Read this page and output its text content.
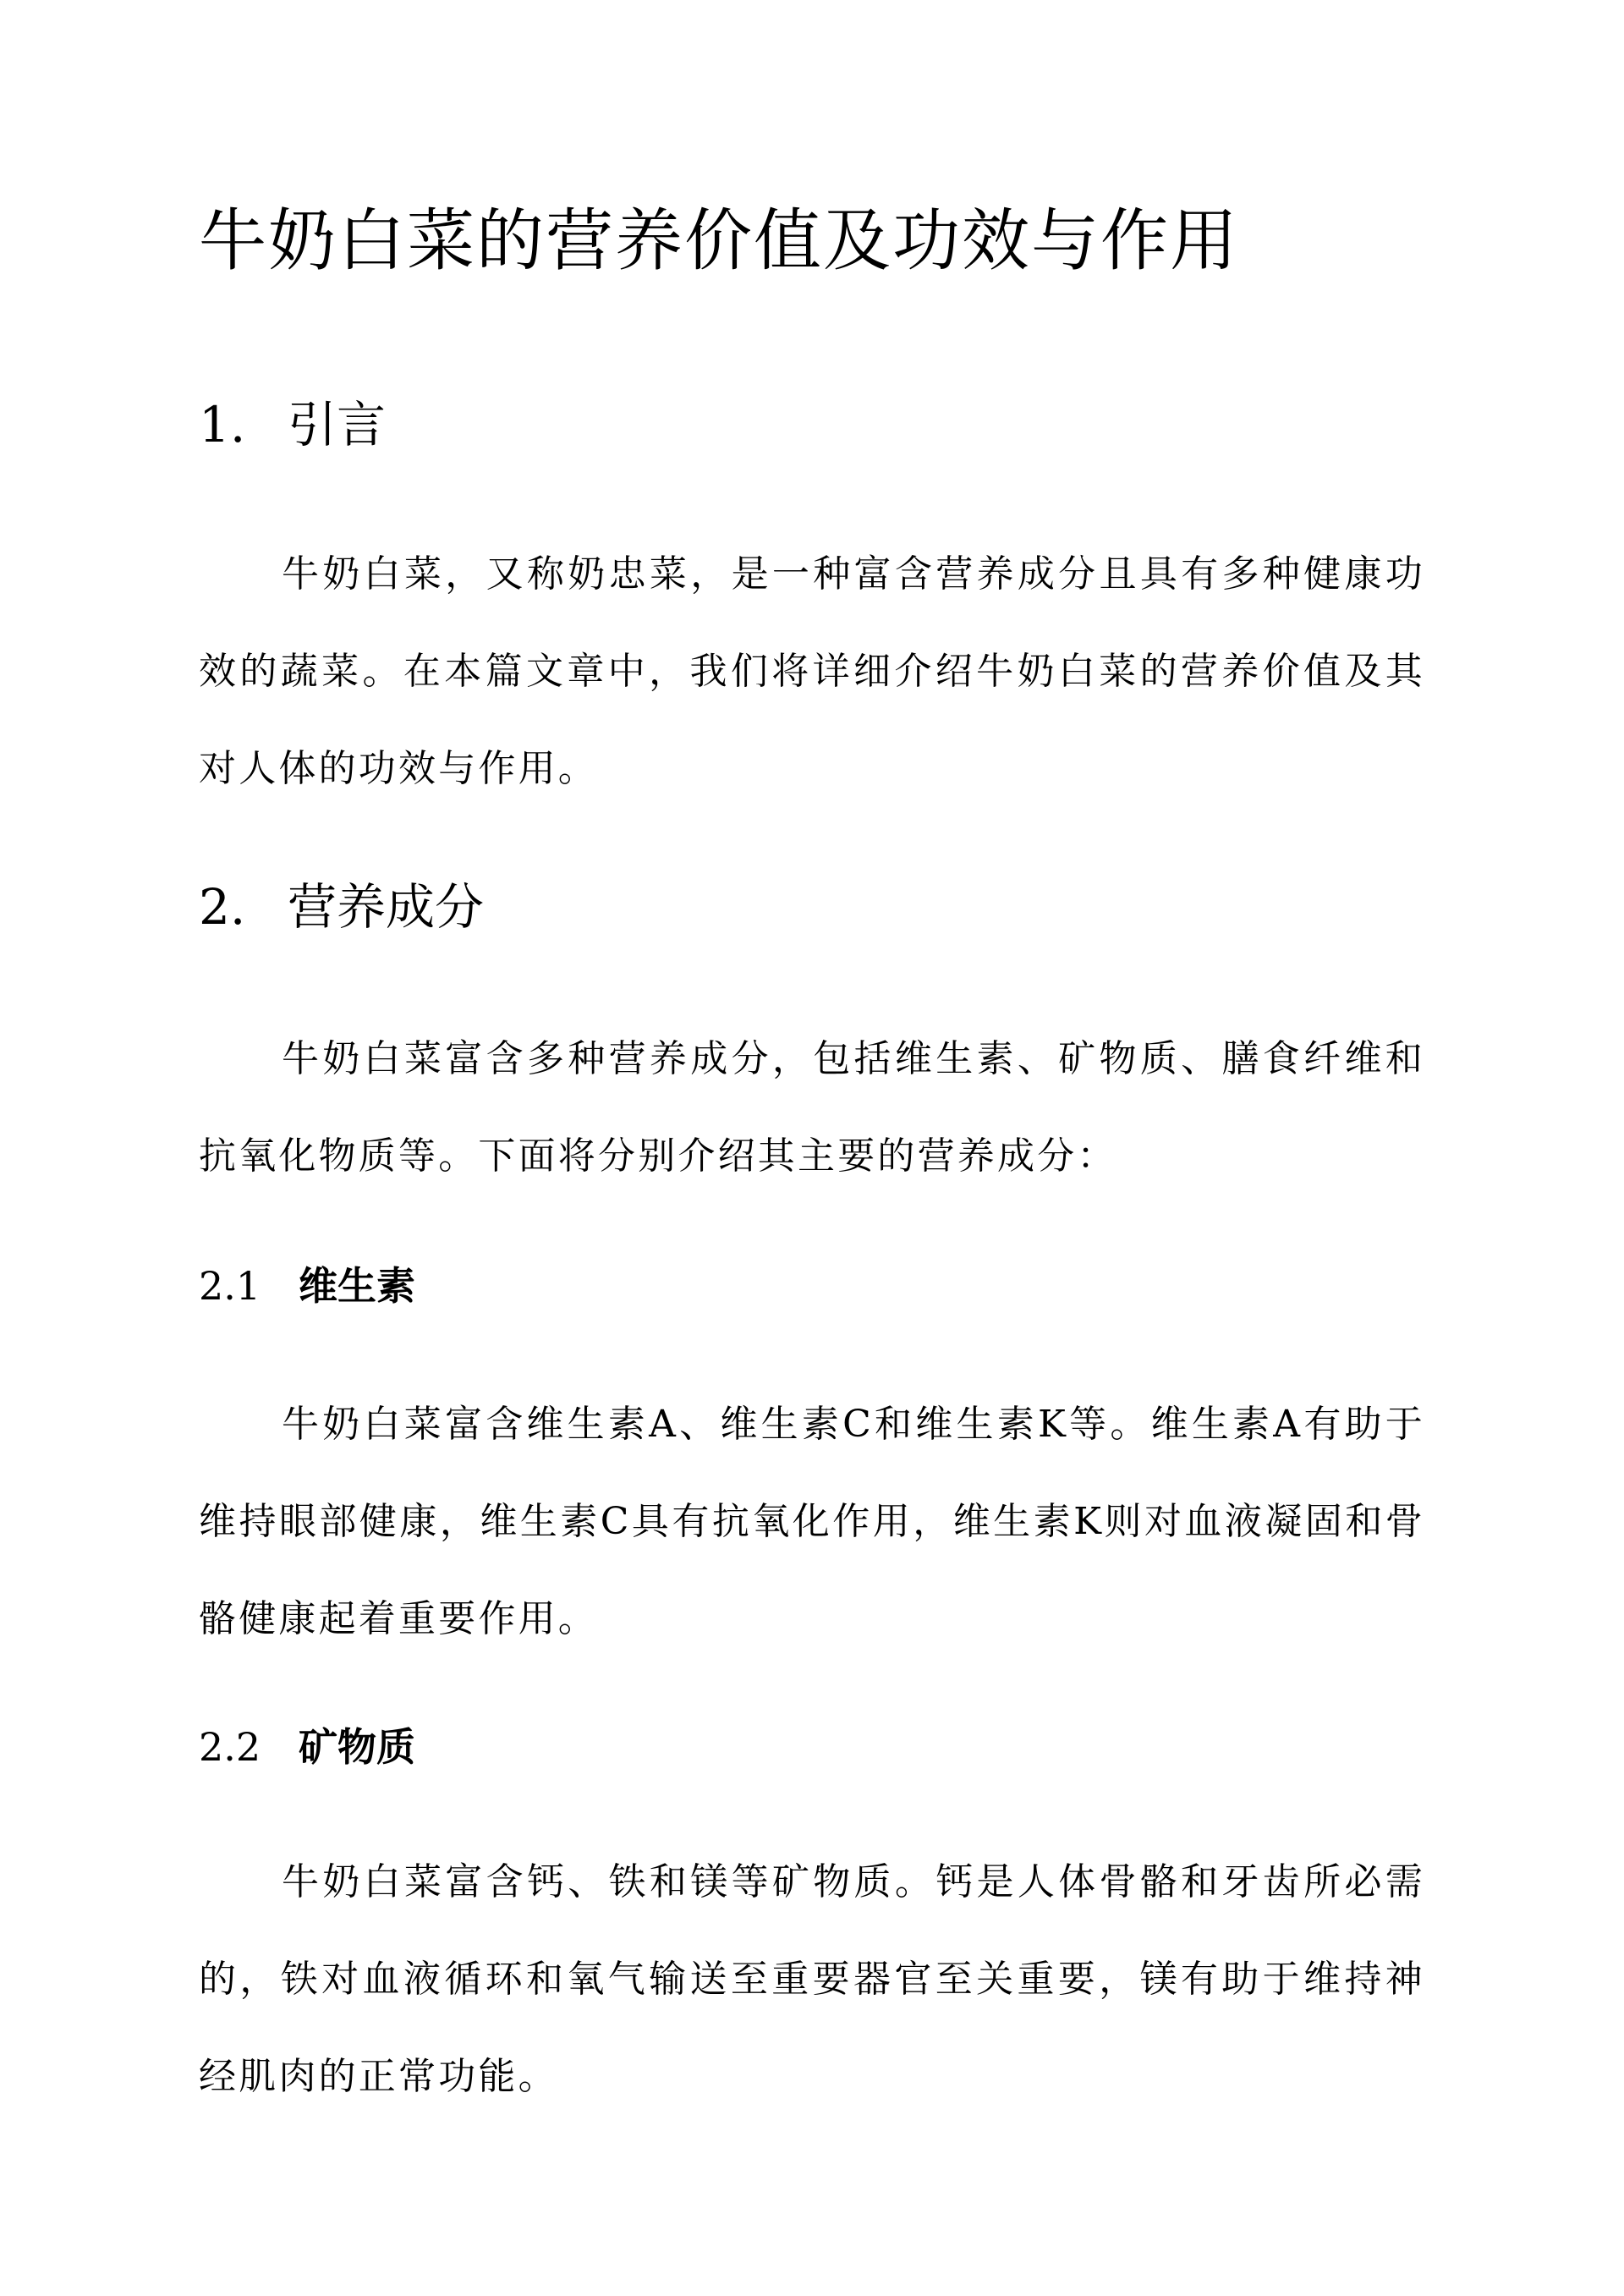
牛奶白菜的营养价值及功效与作用
1. 引言

牛奶白菜，又称奶忠菜，是一种富含营养成分且具有多种健康功效的蔬菜。在本篇文章中，我们将详细介绍牛奶白菜的营养价值及其对人体的功效与作用。

2. 营养成分

牛奶白菜富含多种营养成分，包括维生素、矿物质、膳食纤维和抗氧化物质等。下面将分别介绍其主要的营养成分：

2.1 维生素

牛奶白菜富含维生素A、维生素C和维生素K等。维生素A有助于维持眼部健康，维生素C具有抗氧化作用，维生素K则对血液凝固和骨骼健康起着重要作用。

2.2 矿物质

牛奶白菜富含钙、铁和镁等矿物质。钙是人体骨骼和牙齿所必需的，铁对血液循环和氧气输送至重要器官至关重要，镁有助于维持神经肌肉的正常功能。
